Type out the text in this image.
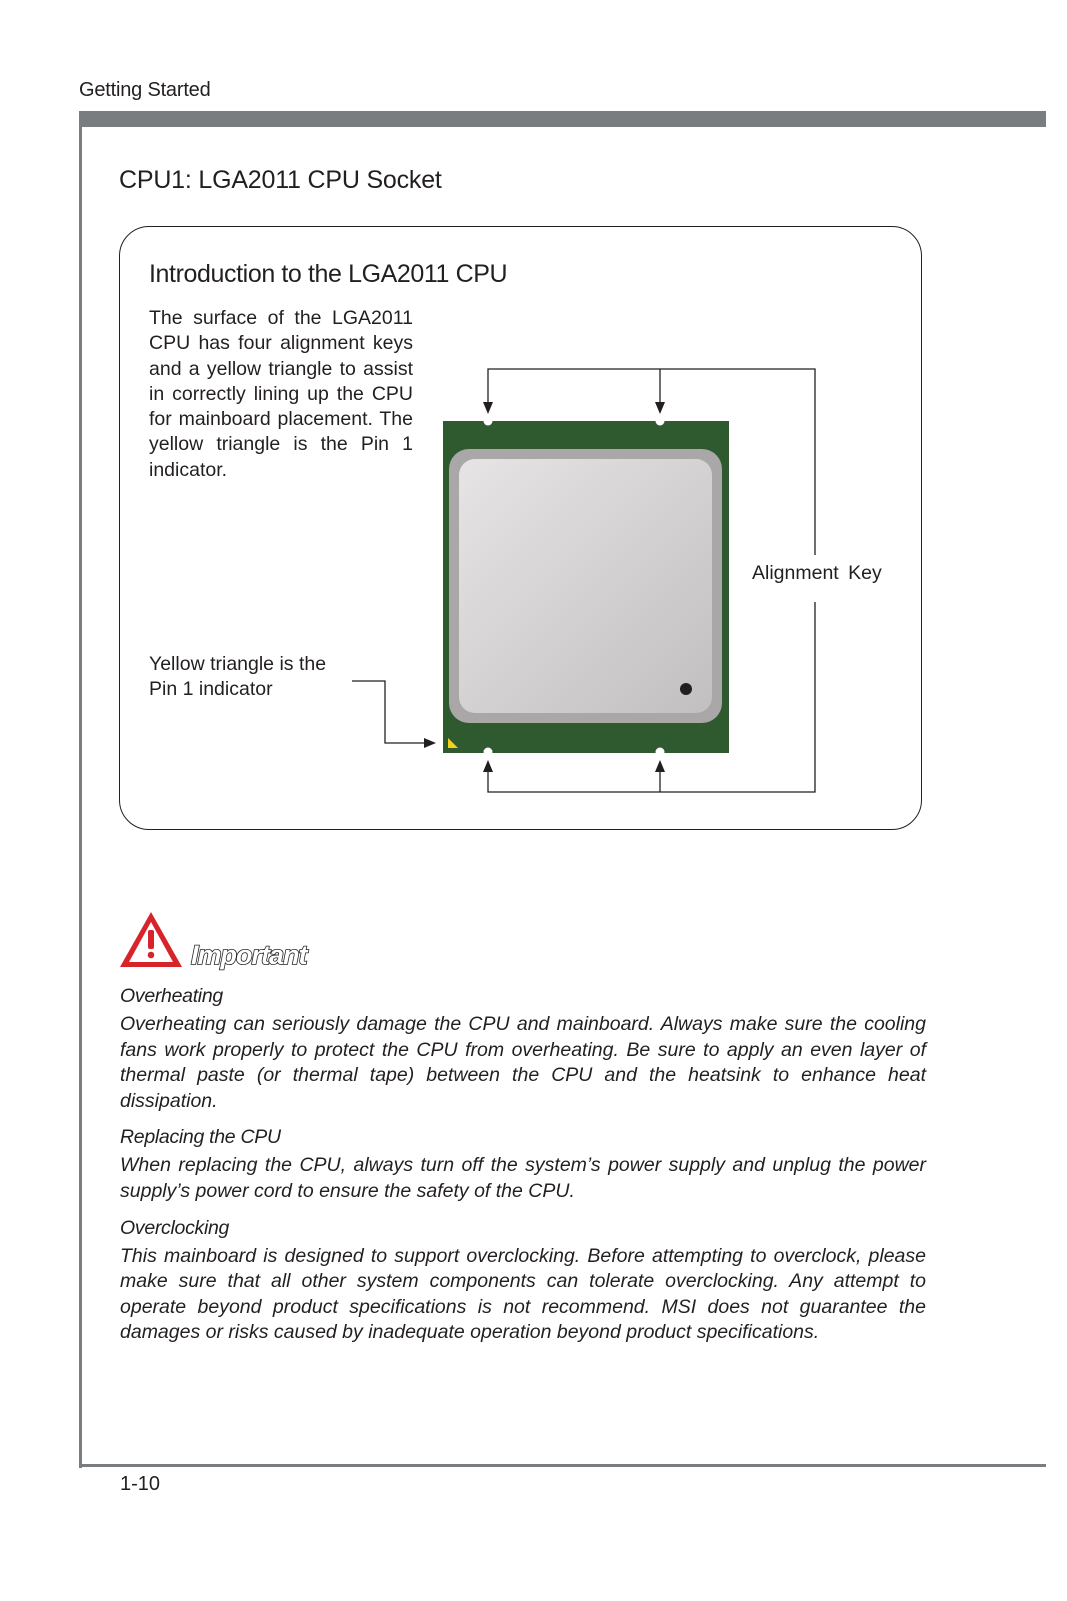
Getting Started
CPU1: LGA2011 CPU Socket
Introduction to the LGA2011 CPU
The surface of the LGA2011 CPU has four alignment keys and a yellow triangle to assist in correctly lining up the CPU for mainboard placement. The yellow triangle is the Pin 1 indicator.
Alignment Key
Yellow triangle is the
Pin 1 indicator
Important

Overheating

Overheating can seriously damage the CPU and mainboard. Always make sure the cooling fans work properly to protect the CPU from overheating. Be sure to apply an even layer of thermal paste (or thermal tape) between the CPU and the heatsink to enhance heat dissipation.

Replacing the CPU

When replacing the CPU, always turn off the system’s power supply and unplug the power supply’s power cord to ensure the safety of the CPU.

Overclocking

This mainboard is designed to support overclocking. Before attempting to overclock, please make sure that all other system components can tolerate overclocking. Any attempt to operate beyond product specifications is not recommend. MSI does not guarantee the damages or risks caused by inadequate operation beyond product specifications.

1-10
